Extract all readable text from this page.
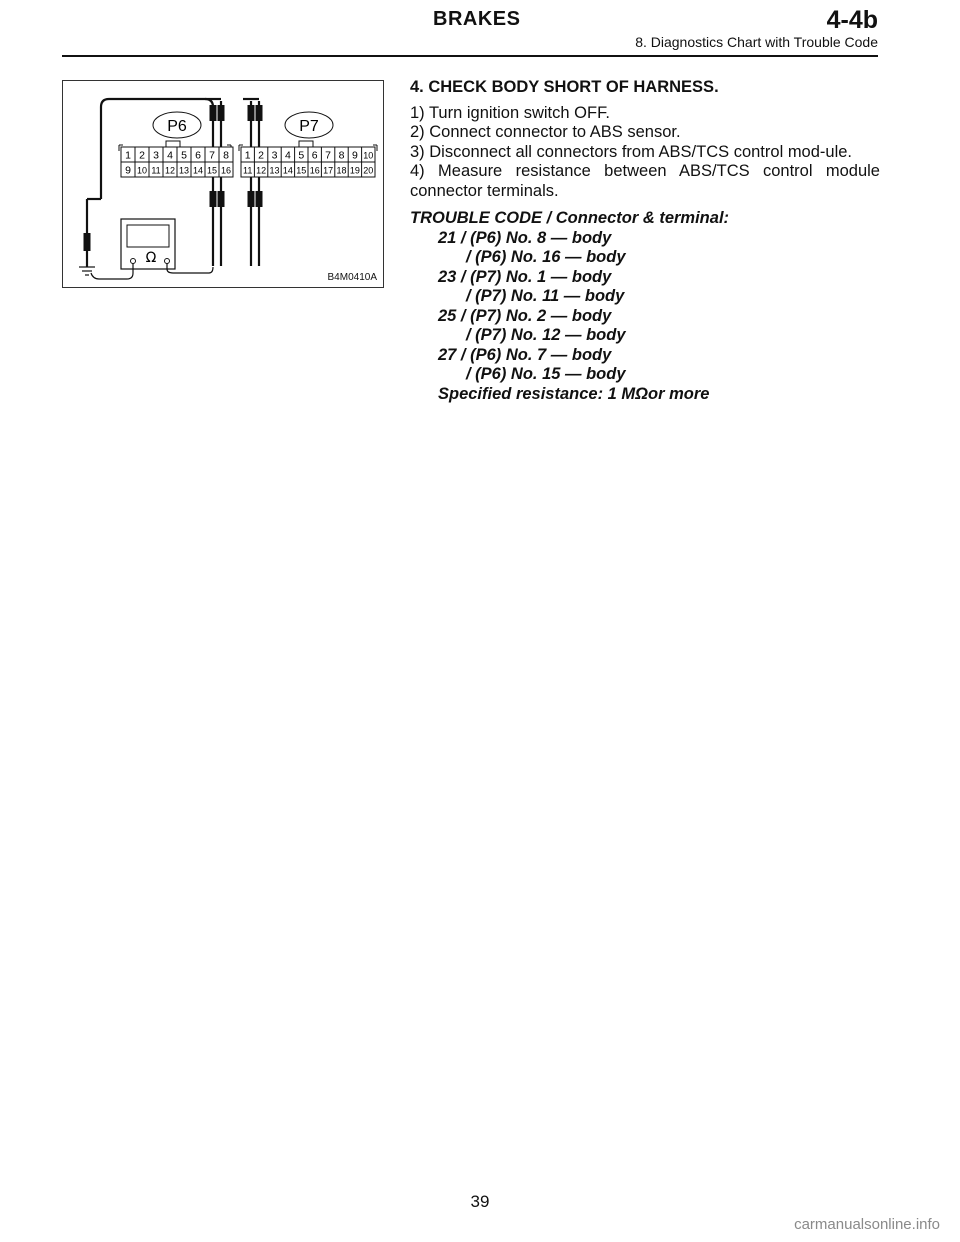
BRAKES	4-4b
8. Diagnostics Chart with Trouble Code
P6
1 2 3 4 5 6 7 8
9 10 11 12 13 14 15 16
P7
1 2 3 4 5 6 7 8 9 10
11 12 13 14 15 16 17 18 19 20
Ω
B4M0410A
4. CHECK BODY SHORT OF HARNESS.

1) Turn ignition switch OFF.

2) Connect connector to ABS sensor.

3) Disconnect all connectors from ABS/TCS control mod-ule.

4) Measure resistance between ABS/TCS control module connector terminals.

TROUBLE CODE / Connector & terminal:
21 / (P6) No. 8 — body
/ (P6) No. 16 — body
23 / (P7) No. 1 — body
/ (P7) No. 11 — body
25 / (P7) No. 2 — body
/ (P7) No. 12 — body
27 / (P6) No. 7 — body
/ (P6) No. 15 — body
Specified resistance: 1 MΩor more
39
carmanualsonline.info
